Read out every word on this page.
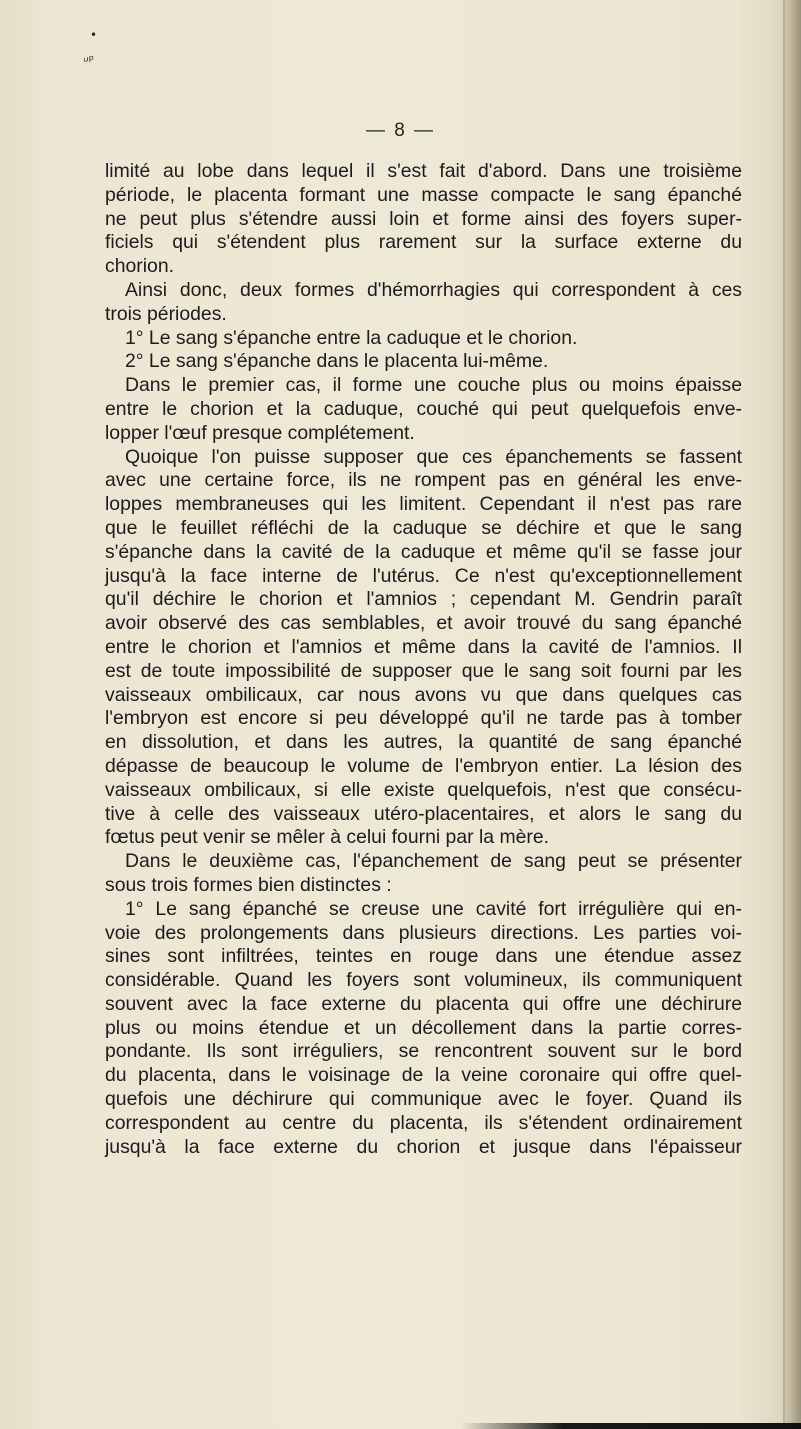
•
ᵘᵖ
— 8 —
limité au lobe dans lequel il s'est fait d'abord. Dans une troisième
période, le placenta formant une masse compacte le sang épanché
ne peut plus s'étendre aussi loin et forme ainsi des foyers super-
ficiels qui s'étendent plus rarement sur la surface externe du
chorion.
Ainsi donc, deux formes d'hémorrhagies qui correspondent à ces
trois périodes.
1° Le sang s'épanche entre la caduque et le chorion.
2° Le sang s'épanche dans le placenta lui-même.
Dans le premier cas, il forme une couche plus ou moins épaisse
entre le chorion et la caduque, couché qui peut quelquefois enve-
lopper l'œuf presque complétement.
Quoique l'on puisse supposer que ces épanchements se fassent
avec une certaine force, ils ne rompent pas en général les enve-
loppes membraneuses qui les limitent. Cependant il n'est pas rare
que le feuillet réfléchi de la caduque se déchire et que le sang
s'épanche dans la cavité de la caduque et même qu'il se fasse jour
jusqu'à la face interne de l'utérus. Ce n'est qu'exceptionnellement
qu'il déchire le chorion et l'amnios ; cependant M. Gendrin paraît
avoir observé des cas semblables, et avoir trouvé du sang épanché
entre le chorion et l'amnios et même dans la cavité de l'amnios. Il
est de toute impossibilité de supposer que le sang soit fourni par les
vaisseaux ombilicaux, car nous avons vu que dans quelques cas
l'embryon est encore si peu développé qu'il ne tarde pas à tomber
en dissolution, et dans les autres, la quantité de sang épanché
dépasse de beaucoup le volume de l'embryon entier. La lésion des
vaisseaux ombilicaux, si elle existe quelquefois, n'est que consécu-
tive à celle des vaisseaux utéro-placentaires, et alors le sang du
fœtus peut venir se mêler à celui fourni par la mère.
Dans le deuxième cas, l'épanchement de sang peut se présenter
sous trois formes bien distinctes :
1° Le sang épanché se creuse une cavité fort irrégulière qui en-
voie des prolongements dans plusieurs directions. Les parties voi-
sines sont infiltrées, teintes en rouge dans une étendue assez
considérable. Quand les foyers sont volumineux, ils communiquent
souvent avec la face externe du placenta qui offre une déchirure
plus ou moins étendue et un décollement dans la partie corres-
pondante. Ils sont irréguliers, se rencontrent souvent sur le bord
du placenta, dans le voisinage de la veine coronaire qui offre quel-
quefois une déchirure qui communique avec le foyer. Quand ils
correspondent au centre du placenta, ils s'étendent ordinairement
jusqu'à la face externe du chorion et jusque dans l'épaisseur
